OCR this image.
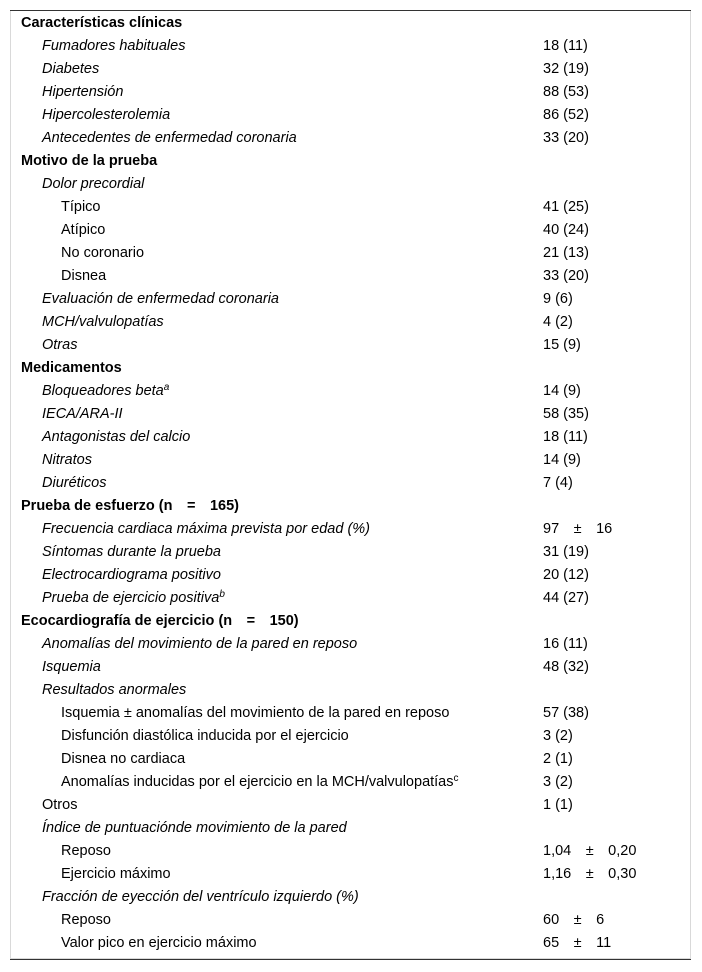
Características clínicas	
Fumadores habituales	18 (11)
Diabetes	32 (19)
Hipertensión	88 (53)
Hipercolesterolemia	86 (52)
Antecedentes de enfermedad coronaria	33 (20)
Motivo de la prueba	
Dolor precordial	
Típico	41 (25)
Atípico	40 (24)
No coronario	21 (13)
Disnea	33 (20)
Evaluación de enfermedad coronaria	9 (6)
MCH/valvulopatías	4 (2)
Otras	15 (9)
Medicamentos	
Bloqueadores beta$^a$	14 (9)
IECA/ARA-II	58 (35)
Antagonistas del calcio	18 (11)
Nitratos	14 (9)
Diuréticos	7 (4)
Prueba de esfuerzo (n = 165)	
Frecuencia cardiaca máxima prevista por edad (%)	97 ± 16
Síntomas durante la prueba	31 (19)
Electrocardiograma positivo	20 (12)
Prueba de ejercicio positiva$^b$	44 (27)
Ecocardiografía de ejercicio (n = 150)	
Anomalías del movimiento de la pared en reposo	16 (11)
Isquemia	48 (32)
Resultados anormales	
Isquemia ± anomalías del movimiento de la pared en reposo	57 (38)
Disfunción diastólica inducida por el ejercicio	3 (2)
Disnea no cardiaca	2 (1)
Anomalías inducidas por el ejercicio en la MCH/valvulopatías$^c$	3 (2)
Otros	1 (1)
Índice de puntuaciónde movimiento de la pared	
Reposo	1,04 ± 0,20
Ejercicio máximo	1,16 ± 0,30
Fracción de eyección del ventrículo izquierdo (%)	
Reposo	60 ± 6
Valor pico en ejercicio máximo	65 ± 11
